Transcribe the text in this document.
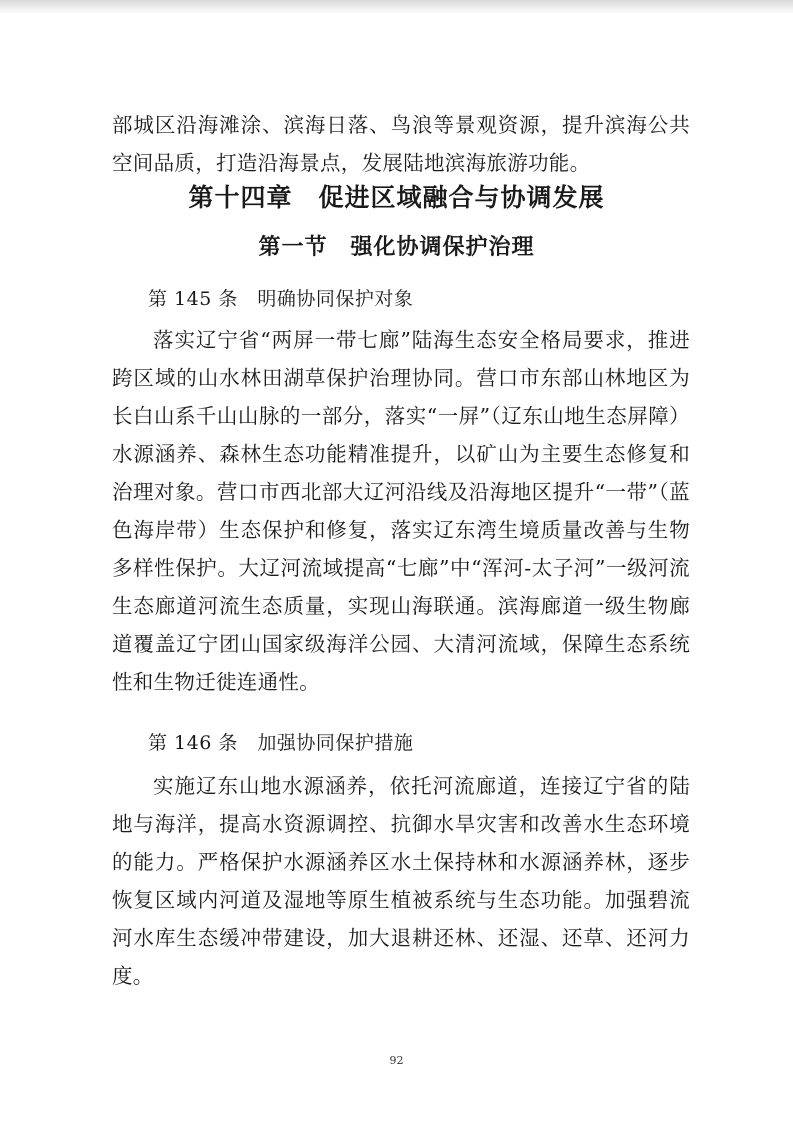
部城区沿海滩涂、滨海日落、鸟浪等景观资源，提升滨海公共空间品质，打造沿海景点，发展陆地滨海旅游功能。

第十四章　促进区域融合与协调发展
第一节　强化协调保护治理

第 145 条　明确协同保护对象

落实辽宁省“两屏一带七廊”陆海生态安全格局要求，推进跨区域的山水林田湖草保护治理协同。营口市东部山林地区为长白山系千山山脉的一部分，落实“一屏”（辽东山地生态屏障）水源涵养、森林生态功能精准提升，以矿山为主要生态修复和治理对象。营口市西北部大辽河沿线及沿海地区提升“一带”（蓝色海岸带）生态保护和修复，落实辽东湾生境质量改善与生物多样性保护。大辽河流域提高“七廊”中“浑河-太子河”一级河流生态廊道河流生态质量，实现山海联通。滨海廊道一级生物廊道覆盖辽宁团山国家级海洋公园、大清河流域，保障生态系统性和生物迁徙连通性。

第 146 条　加强协同保护措施

实施辽东山地水源涵养，依托河流廊道，连接辽宁省的陆地与海洋，提高水资源调控、抗御水旱灾害和改善水生态环境的能力。严格保护水源涵养区水土保持林和水源涵养林，逐步恢复区域内河道及湿地等原生植被系统与生态功能。加强碧流河水库生态缓冲带建设，加大退耕还林、还湿、还草、还河力度。

92
